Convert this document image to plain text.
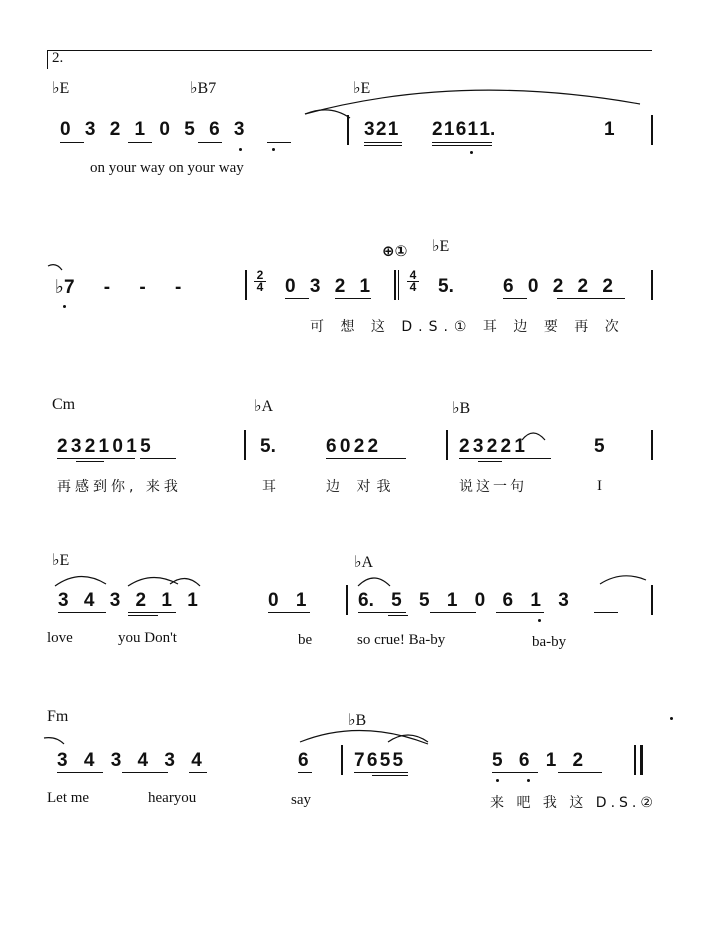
2.
♭E	♭B7	♭E
0 3 2 1 0 5 6 3	3 2 1 2 1 6 1 1.	1
on your way on your way
⊕① ♭E
♭7 - - -
2
4 0 3 2 1
4
4 5.	6 0 2 2 2
可 想 这 D.S.① 耳 边 要 再 次
Cm	♭A	♭B
2 3 2 1 0 1 5	5.	6 0 2 2	2 3 2 2 1	5
再感到你, 来我	耳	边 对我	说这一句	I
♭E	♭A
3 4 3 2 1 1	0 1	6. 5 5 1 0 6 1 3
love	you Don't	be	so crue! Ba-by	ba-by
Fm	♭B
3 4 3 4 3 4	6 7 6 5 5	5 6 1 2
Let me	hearyou	say	来 吧 我 这 D.S.②
